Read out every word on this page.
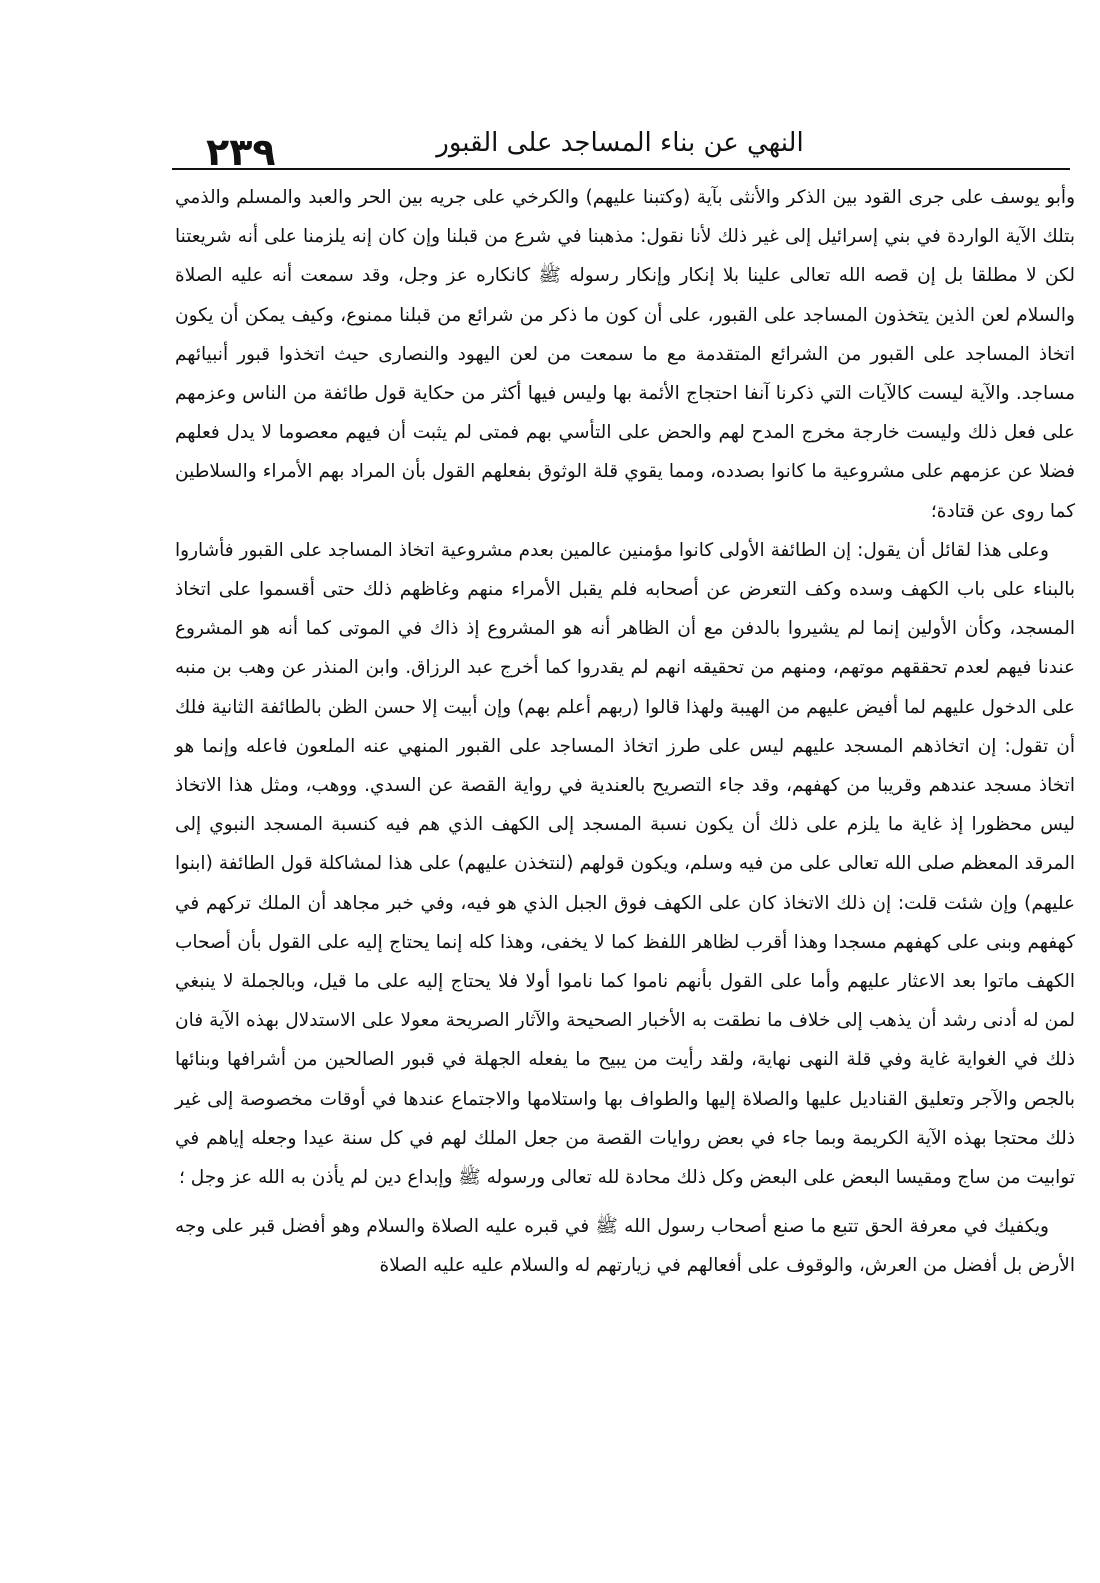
٢٣٩	النهي عن بناء المساجد على القبور

وأبو يوسف على جرى القود بين الذكر والأنثى بآية (وكتبنا عليهم) والكرخي على جريه بين الحر والعبد والمسلم والذمي بتلك الآية الواردة في بني إسرائيل إلى غير ذلك لأنا نقول: مذهبنا في شرع من قبلنا وإن كان إنه يلزمنا على أنه شريعتنا لكن لا مطلقا بل إن قصه الله تعالى علينا بلا إنكار وإنكار رسوله ﷺ كانكاره عز وجل، وقد سمعت أنه عليه الصلاة والسلام لعن الذين يتخذون المساجد على القبور، على أن كون ما ذكر من شرائع من قبلنا ممنوع، وكيف يمكن أن يكون اتخاذ المساجد على القبور من الشرائع المتقدمة مع ما سمعت من لعن اليهود والنصارى حيث اتخذوا قبور أنبيائهم مساجد. والآية ليست كالآيات التي ذكرنا آنفا احتجاج الأئمة بها وليس فيها أكثر من حكاية قول طائفة من الناس وعزمهم على فعل ذلك وليست خارجة مخرج المدح لهم والحض على التأسي بهم فمتى لم يثبت أن فيهم معصوما لا يدل فعلهم فضلا عن عزمهم على مشروعية ما كانوا بصدده، ومما يقوي قلة الوثوق بفعلهم القول بأن المراد بهم الأمراء والسلاطين كما روى عن قتادة؛

وعلى هذا لقائل أن يقول: إن الطائفة الأولى كانوا مؤمنين عالمين بعدم مشروعية اتخاذ المساجد على القبور فأشاروا بالبناء على باب الكهف وسده وكف التعرض عن أصحابه فلم يقبل الأمراء منهم وغاظهم ذلك حتى أقسموا على اتخاذ المسجد، وكأن الأولين إنما لم يشيروا بالدفن مع أن الظاهر أنه هو المشروع إذ ذاك في الموتى كما أنه هو المشروع عندنا فيهم لعدم تحققهم موتهم، ومنهم من تحقيقه انهم لم يقدروا كما أخرج عبد الرزاق. وابن المنذر عن وهب بن منبه على الدخول عليهم لما أفيض عليهم من الهيبة ولهذا قالوا (ربهم أعلم بهم) وإن أبيت إلا حسن الظن بالطائفة الثانية فلك أن تقول: إن اتخاذهم المسجد عليهم ليس على طرز اتخاذ المساجد على القبور المنهي عنه الملعون فاعله وإنما هو اتخاذ مسجد عندهم وقريبا من كهفهم، وقد جاء التصريح بالعندية في رواية القصة عن السدي. ووهب، ومثل هذا الاتخاذ ليس محظورا إذ غاية ما يلزم على ذلك أن يكون نسبة المسجد إلى الكهف الذي هم فيه كنسبة المسجد النبوي إلى المرقد المعظم صلى الله تعالى على من فيه وسلم، ويكون قولهم (لنتخذن عليهم) على هذا لمشاكلة قول الطائفة (ابنوا عليهم) وإن شئت قلت: إن ذلك الاتخاذ كان على الكهف فوق الجبل الذي هو فيه، وفي خبر مجاهد أن الملك تركهم في كهفهم وبنى على كهفهم مسجدا وهذا أقرب لظاهر اللفظ كما لا يخفى، وهذا كله إنما يحتاج إليه على القول بأن أصحاب الكهف ماتوا بعد الاعثار عليهم وأما على القول بأنهم ناموا كما ناموا أولا فلا يحتاج إليه على ما قيل، وبالجملة لا ينبغي لمن له أدنى رشد أن يذهب إلى خلاف ما نطقت به الأخبار الصحيحة والآثار الصريحة معولا على الاستدلال بهذه الآية فان ذلك في الغواية غاية وفي قلة النهى نهاية، ولقد رأيت من يبيح ما يفعله الجهلة في قبور الصالحين من أشرافها وبنائها بالجص والآجر وتعليق القناديل عليها والصلاة إليها والطواف بها واستلامها والاجتماع عندها في أوقات مخصوصة إلى غير ذلك محتجا بهذه الآية الكريمة وبما جاء في بعض روايات القصة من جعل الملك لهم في كل سنة عيدا وجعله إياهم في توابيت من ساج ومقيسا البعض على البعض وكل ذلك محادة لله تعالى ورسوله ﷺ وإبداع دين لم يأذن به الله عز وجل ؛

ويكفيك في معرفة الحق تتبع ما صنع أصحاب رسول الله ﷺ في قبره عليه الصلاة والسلام وهو أفضل قبر على وجه الأرض بل أفضل من العرش، والوقوف على أفعالهم في زيارتهم له والسلام عليه عليه الصلاة
